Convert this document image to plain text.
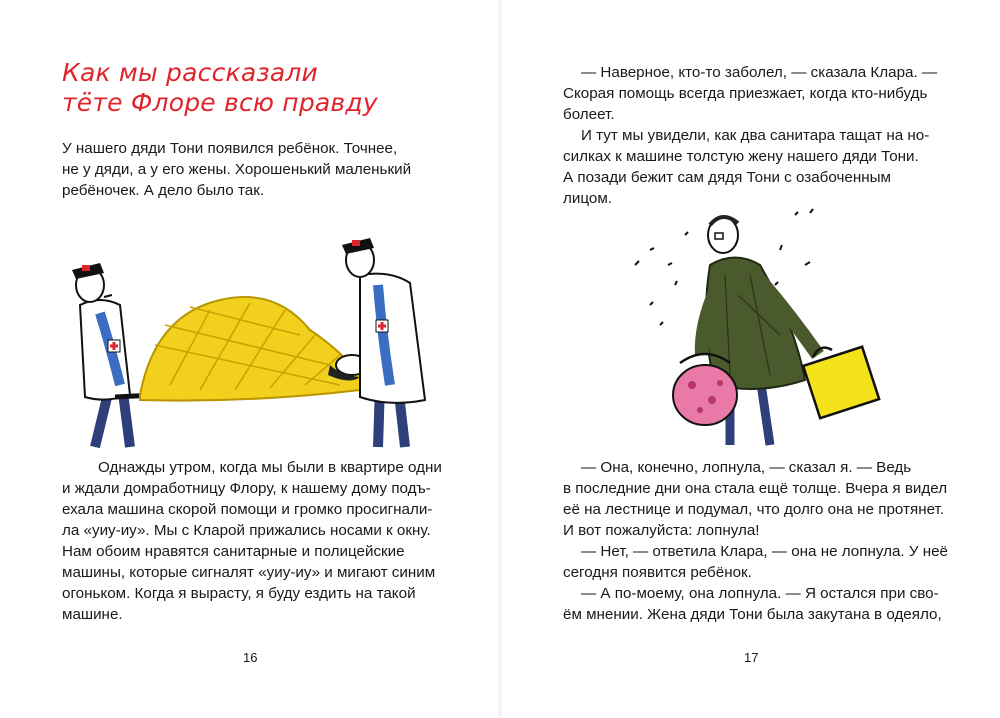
Как мы рассказали
тёте Флоре всю правду
У нашего дяди Тони появился ребёнок. Точнее,
не у дяди, а у его жены. Хорошенький маленький
ребёночек. А дело было так.
Однажды утром, когда мы были в квартире одни
и ждали домработницу Флору, к нашему дому подъ-
ехала машина скорой помощи и громко просигнали-
ла «уиу-иу». Мы с Кларой прижались носами к окну.
Нам обоим нравятся санитарные и полицейские
машины, которые сигналят «уиу-иу» и мигают синим
огоньком. Когда я вырасту, я буду ездить на такой
машине.
16
— Наверное, кто-то заболел, — сказала Клара. —
Скорая помощь всегда приезжает, когда кто-нибудь
болеет.
И тут мы увидели, как два санитара тащат на но-
силках к машине толстую жену нашего дяди Тони.
А позади бежит сам дядя Тони с озабоченным
лицом.
— Она, конечно, лопнула, — сказал я. — Ведь
в последние дни она стала ещё толще. Вчера я видел
её на лестнице и подумал, что долго она не протянет.
И вот пожалуйста: лопнула!
— Нет, — ответила Клара, — она не лопнула. У неё
сегодня появится ребёнок.
— А по-моему, она лопнула. — Я остался при сво-
ём мнении. Жена дяди Тони была закутана в одеяло,
17
